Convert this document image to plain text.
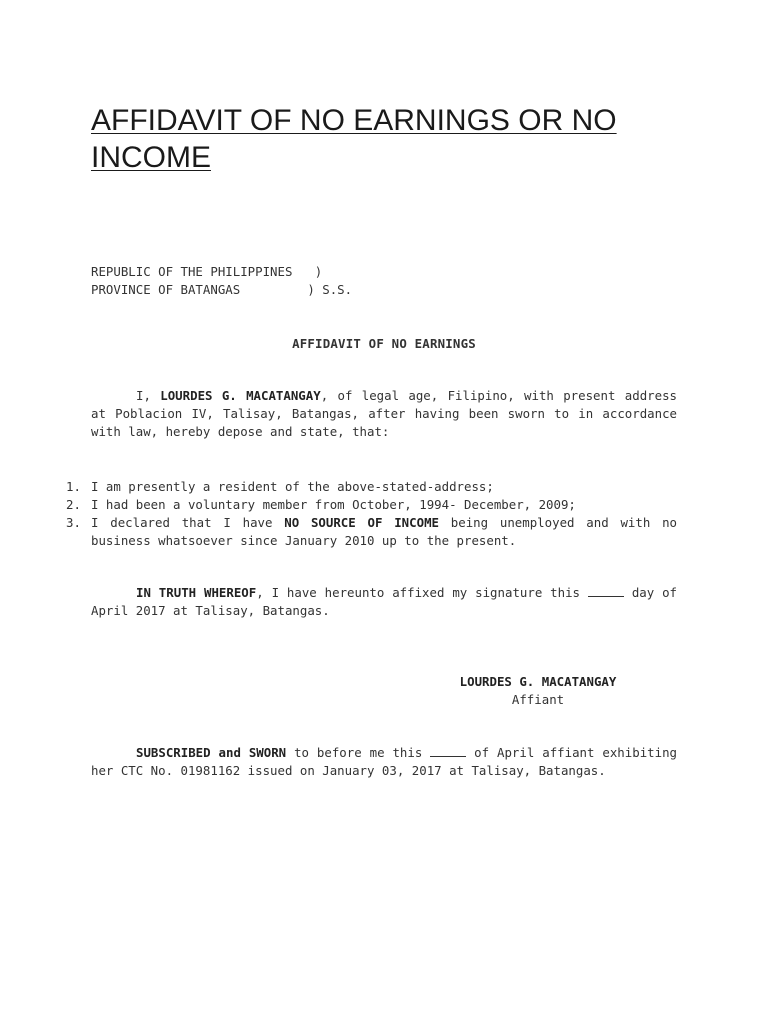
AFFIDAVIT OF NO EARNINGS OR NO INCOME
REPUBLIC OF THE PHILIPPINES   )
PROVINCE OF BATANGAS         ) S.S.
AFFIDAVIT OF NO EARNINGS

I, LOURDES G. MACATANGAY, of legal age, Filipino, with present address at Poblacion IV, Talisay, Batangas, after having been sworn to in accordance with law, hereby depose and state, that:

1. I am presently a resident of the above-stated-address;
2. I had been a voluntary member from October, 1994- December, 2009;
3. I declared that I have NO SOURCE OF INCOME being unemployed and with no business whatsoever since January 2010 up to the present.

IN TRUTH WHEREOF, I have hereunto affixed my signature this	day of April 2017 at Talisay, Batangas.

LOURDES G. MACATANGAY
Affiant

SUBSCRIBED and SWORN to before me this	of April affiant exhibiting her CTC No. 01981162 issued on January 03, 2017 at Talisay, Batangas.
